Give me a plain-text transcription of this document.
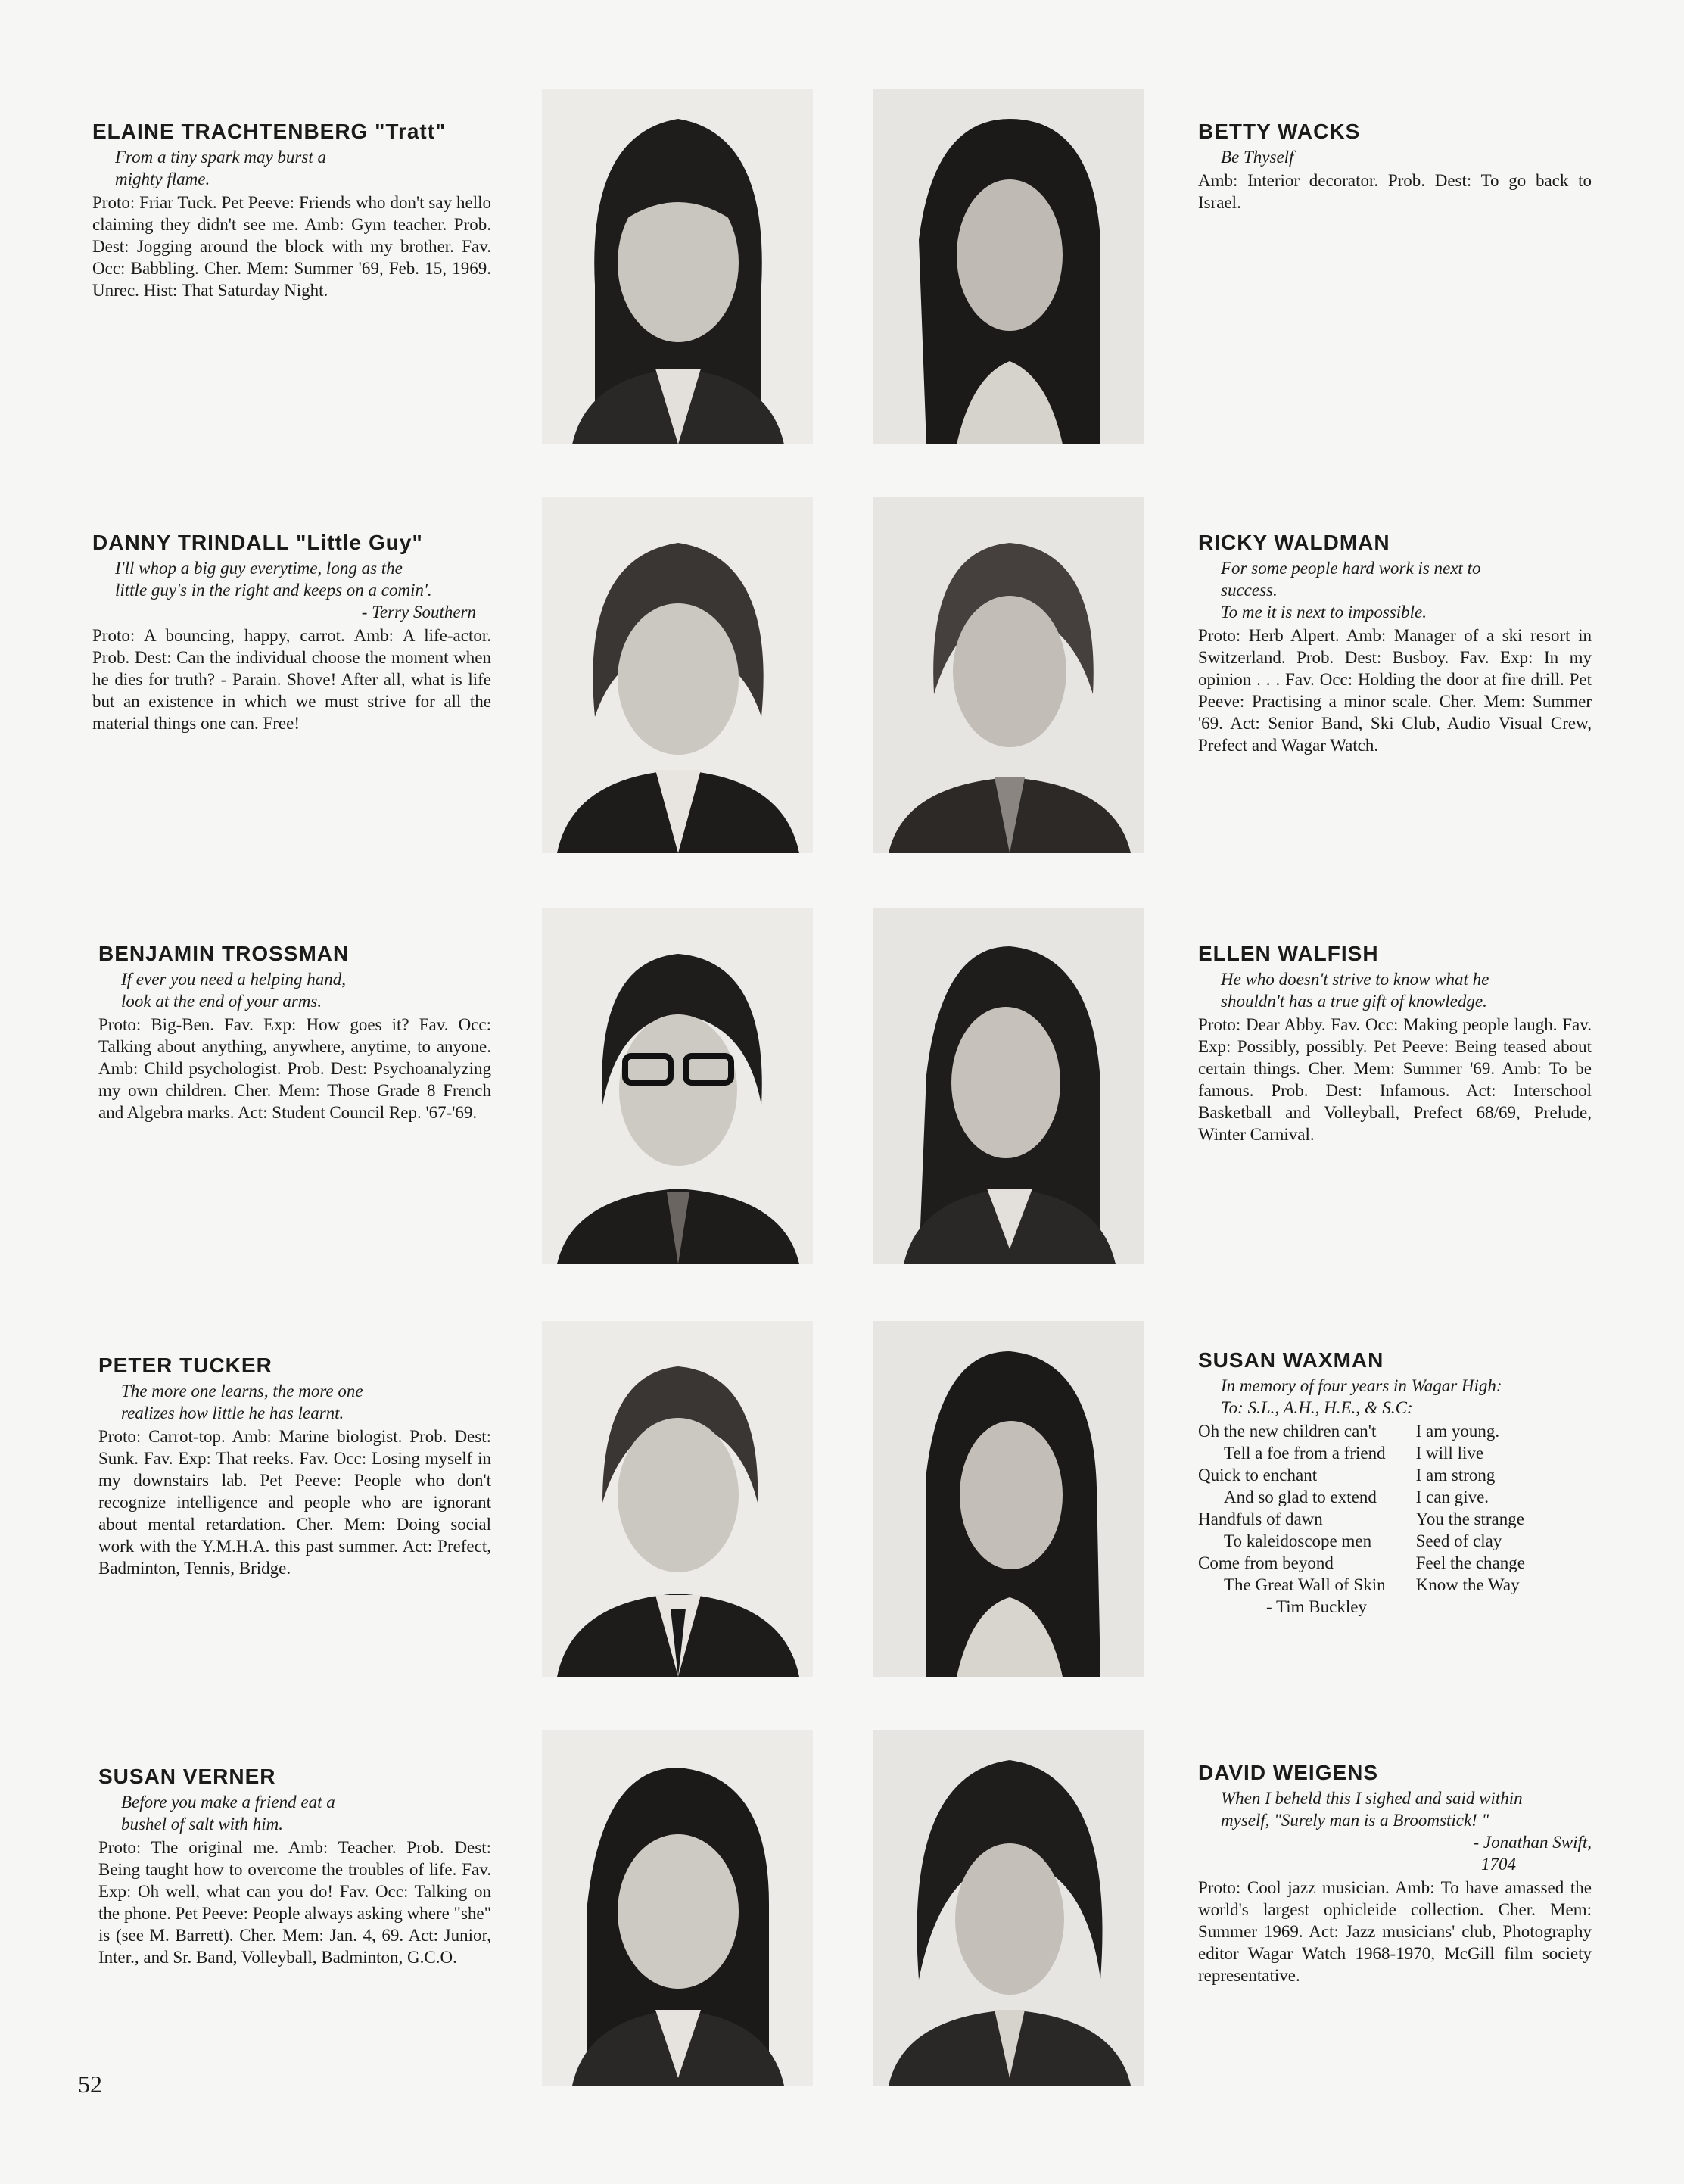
ELAINE TRACHTENBERG "Tratt"
From a tiny spark may burst a
mighty flame.
Proto: Friar Tuck. Pet Peeve: Friends who don't say hello claiming they didn't see me. Amb: Gym teacher. Prob. Dest: Jogging around the block with my brother. Fav. Occ: Babbling. Cher. Mem: Summer '69, Feb. 15, 1969. Unrec. Hist: That Saturday Night.
BETTY WACKS
Be Thyself
Amb: Interior decorator. Prob. Dest: To go back to Israel.
DANNY TRINDALL "Little Guy"
I'll whop a big guy everytime, long as the
little guy's in the right and keeps on a comin'.
- Terry Southern
Proto: A bouncing, happy, carrot. Amb: A life-actor. Prob. Dest: Can the individual choose the moment when he dies for truth? - Parain. Shove! After all, what is life but an existence in which we must strive for all the material things one can. Free!
RICKY WALDMAN
For some people hard work is next to
success.
To me it is next to impossible.
Proto: Herb Alpert. Amb: Manager of a ski resort in Switzerland. Prob. Dest: Busboy. Fav. Exp: In my opinion . . . Fav. Occ: Holding the door at fire drill. Pet Peeve: Practising a minor scale. Cher. Mem: Summer '69. Act: Senior Band, Ski Club, Audio Visual Crew, Prefect and Wagar Watch.
BENJAMIN TROSSMAN
If ever you need a helping hand,
look at the end of your arms.
Proto: Big-Ben. Fav. Exp: How goes it? Fav. Occ: Talking about anything, anywhere, anytime, to anyone. Amb: Child psychologist. Prob. Dest: Psychoanalyzing my own children. Cher. Mem: Those Grade 8 French and Algebra marks. Act: Student Council Rep. '67-'69.
ELLEN WALFISH
He who doesn't strive to know what he
shouldn't has a true gift of knowledge.
Proto: Dear Abby. Fav. Occ: Making people laugh. Fav. Exp: Possibly, possibly. Pet Peeve: Being teased about certain things. Cher. Mem: Summer '69. Amb: To be famous. Prob. Dest: Infamous. Act: Interschool Basketball and Volleyball, Prefect 68/69, Prelude, Winter Carnival.
PETER TUCKER
The more one learns, the more one
realizes how little he has learnt.
Proto: Carrot-top. Amb: Marine biologist. Prob. Dest: Sunk. Fav. Exp: That reeks. Fav. Occ: Losing myself in my downstairs lab. Pet Peeve: People who don't recognize intelligence and people who are ignorant about mental retardation. Cher. Mem: Doing social work with the Y.M.H.A. this past summer. Act: Prefect, Badminton, Tennis, Bridge.
SUSAN WAXMAN
In memory of four years in Wagar High:
To: S.L., A.H., H.E., & S.C:
Oh the new children can't
Tell a foe from a friend
Quick to enchant
And so glad to extend
Handfuls of dawn
To kaleidoscope men
Come from beyond
The Great Wall of Skin
- Tim Buckley
I am young.
I will live
I am strong
I can give.
You the strange
Seed of clay
Feel the change
Know the Way
SUSAN VERNER
Before you make a friend eat a
bushel of salt with him.
Proto: The original me. Amb: Teacher. Prob. Dest: Being taught how to overcome the troubles of life. Fav. Exp: Oh well, what can you do! Fav. Occ: Talking on the phone. Pet Peeve: People always asking where "she" is (see M. Barrett). Cher. Mem: Jan. 4, 69. Act: Junior, Inter., and Sr. Band, Volleyball, Badminton, G.C.O.
DAVID WEIGENS
When I beheld this I sighed and said within
myself, "Surely man is a Broomstick! "
- Jonathan Swift,
1704
Proto: Cool jazz musician. Amb: To have amassed the world's largest ophicleide collection. Cher. Mem: Summer 1969. Act: Jazz musicians' club, Photography editor Wagar Watch 1968-1970, McGill film society representative.
52
